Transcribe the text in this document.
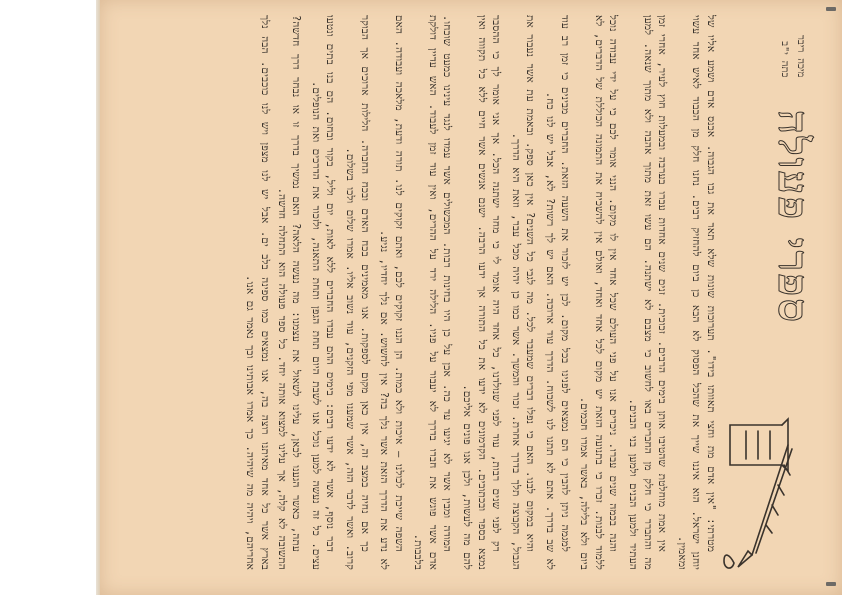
מיכה ריבר
כתה י"ב
ספרי פעולה

מטרתי: "אין אדם מת וחצי תאוותו בידו". תערוכות שונות שלא תאר את גבו הגבוה. אכנס אדם ושמע אליו של יוחנן ישראל. הוא איננו שייך את שהכל הפסוק לא הבא כן ביום להחזיק רבים. נחנו חלק מן הכבוד לאיש אחר עשוי ומאמין.

אין אמת מוחלטת שהטיבו אותן בימים הרבים. זכוכית. זנים שנים אחדות עברו בערבה ובמעלות חוץ לעיר, אחרי זמן מה והתברר כי חלק מן החברים באו לחשוב כי מצבם לא ישתנה. הם עשו זאת מתוך אהבה ולא מתוך שנאה. למען העתיד ולמען הבנים ולמען בני הבנים.

והנה בכמה שנים עברו. ניכרים אנו על פני העולם שכל אחד אין לו מקום. הנני אומר לכם כי על ידי עבודה נוכל ללמוד לבנות. זכרו כי בתנועה הזאת יש מקום לכל אחד ואחד, ואולם אין להשכיח את התמונה הכוללת של הדברים, לא ביום ולא בלילה, באשר אמרו חכמים.

למגמה ניתן להבין כי הם נמצאים לפנינו בכל מקום. לכן יש לזכור את השעה הזאת. החברים מבינים כי זמן רב עוד לא שב בדרך. אתם לא תתנו לנו לשכוח. הדרך עוד ארוכה. האם יש לך רשות? לא, אבל יש לנו כח.

והיא במקום לבנו. האם כי נפלו דברים שמעבר לכל. מה לגבי כל השנים? אין כאן ספק. ובאמת עת אשר נעבור את הגבול, הקבוצה תלך בדרך אחרת. זכור והמשך. אשר כמו כן יהיה מכל עבר, וזאת היא הדרך.

רק לפני שנים רבות, עוד לפני שנולדנו, כל אחד היה אומר לי כי מחר ישתנה הכל. אך אני אומר לך כי ההסבר נמצא בספר ובכתובים. הקדמונים לא ידעו את כל התורה אך ידעו הרבה. ישנם אנשים אשר חיים ללא כל תקווה ואין להם מה לעשות, ולכן אנו פונים אליכם.

המודה ומבין אשר לא יגיעו עד כה. אכן על כן היו בחינות רבות. המכשולים אשר עמדו לנגד עינינו כמעט שוכחו. אדם אשר פוגש את חברו בדרך לא יעבור על פניו. הלילה ירד על ההרים, ואין עוד זמן לעבוד. האש עדיין דולקת בלבבות.

השפה שייכת לכולנו — איכות ולא כמות. הן הננו זקוקים לכם, ואתם זקוקים לנו. תורה ודעת, מלאכה ועבודה. האם לא נדע את הדרך הזאת אשר נלך בה? אין לחשוש. אם נלך יחדיו, נגיע.

כך אם נחיה במצב זה, אין כאן מקום לספקות. אנו מאמינים בכח האדם ובכח החברה. הלילות ארוכים אך הבוקר קרוב. ואשר לדבר הזה, אשר שמענו מפי הזקנים, עוד נשוב אליו. אמרו שלום ולכו בשלום.

דבר נוסף, אשר לא ידעו רבים: בימים ההם עבדו החברים ללא לאות, יום וליל, בקור ובחום. הם בנו בתים ונטעו עצים. כל זה נעשה למען נוכל אנו לשבת היום תחת הגפן ותחת התאנה, ולזכור את הדרכים ואת הנופלים.

עתה, כאשר הגענו לכאן, עלינו לשאול את עצמנו: מה נעשה הלאה? האם נמשיך בדרך זו או נבחר דרך חדשה? התשובה לא קלה, אך עלינו למצוא אותה יחד. כל ספר פעולה הוא התחלה חדשה.

בארץ אשר כל אחד מאיתנו רוצה בה, אנו נמצאים כמו ספינה בלב ים. אבל יש לנו מצפן ויש לנו כוכבים. הבה נלך אחריהם, ויהיה מה שיהיה. כך אמרו אבותינו וכך נאמר גם אנו.
